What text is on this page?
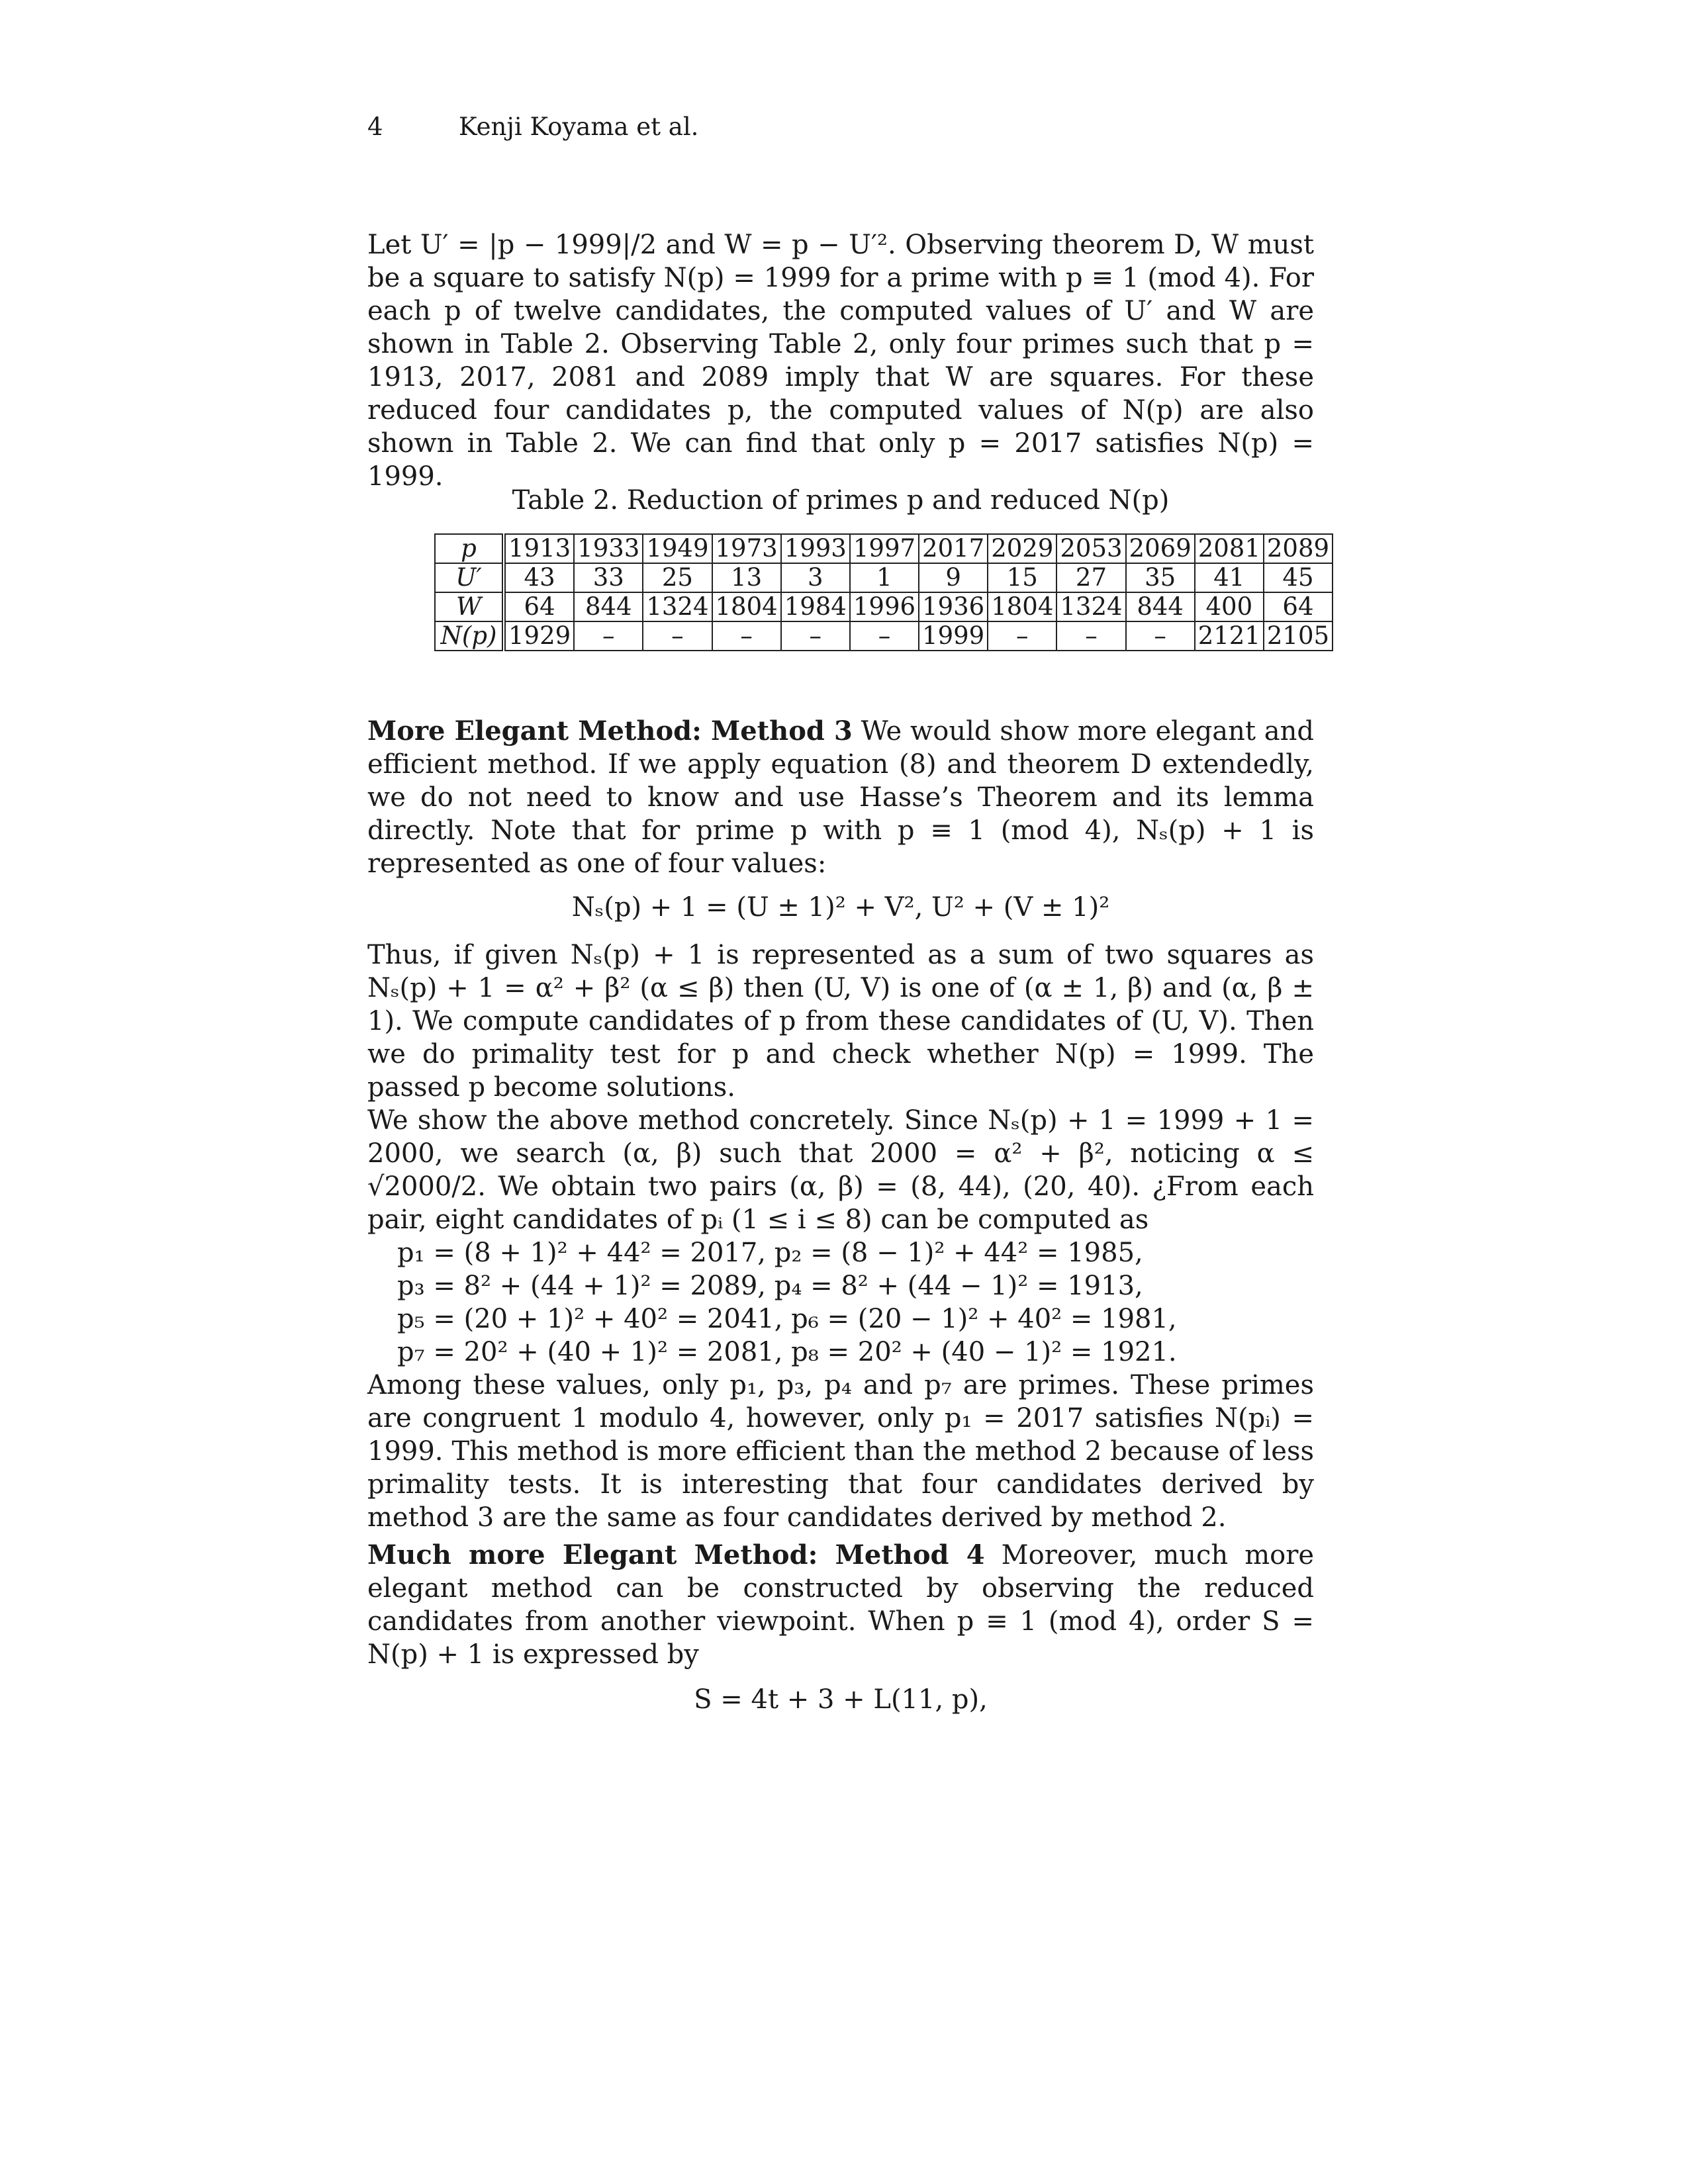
4	Kenji Koyama et al.

Let U′ = |p − 1999|/2 and W = p − U′². Observing theorem D, W must be a square to satisfy N(p) = 1999 for a prime with p ≡ 1 (mod 4). For each p of twelve candidates, the computed values of U′ and W are shown in Table 2. Observing Table 2, only four primes such that p = 1913, 2017, 2081 and 2089 imply that W are squares. For these reduced four candidates p, the computed values of N(p) are also shown in Table 2. We can find that only p = 2017 satisfies N(p) = 1999.

Table 2. Reduction of primes p and reduced N(p)
p	1913	1933	1949	1973	1993	1997	2017	2029	2053	2069	2081	2089
U′	43	33	25	13	3	1	9	15	27	35	41	45
W	64	844	1324	1804	1984	1996	1936	1804	1324	844	400	64
N(p)	1929	–	–	–	–	–	1999	–	–	–	2121	2105

More Elegant Method: Method 3 We would show more elegant and efficient method. If we apply equation (8) and theorem D extendedly, we do not need to know and use Hasse’s Theorem and its lemma directly. Note that for prime p with p ≡ 1 (mod 4), Nₛ(p) + 1 is represented as one of four values:

Nₛ(p) + 1 = (U ± 1)² + V², U² + (V ± 1)²

Thus, if given Nₛ(p) + 1 is represented as a sum of two squares as Nₛ(p) + 1 = α² + β² (α ≤ β) then (U, V) is one of (α ± 1, β) and (α, β ± 1). We compute candidates of p from these candidates of (U, V). Then we do primality test for p and check whether N(p) = 1999. The passed p become solutions.

We show the above method concretely. Since Nₛ(p) + 1 = 1999 + 1 = 2000, we search (α, β) such that 2000 = α² + β², noticing α ≤ √2000/2. We obtain two pairs (α, β) = (8, 44), (20, 40). ¿From each pair, eight candidates of pᵢ (1 ≤ i ≤ 8) can be computed as

p₁ = (8 + 1)² + 44² = 2017, p₂ = (8 − 1)² + 44² = 1985,
p₃ = 8² + (44 + 1)² = 2089, p₄ = 8² + (44 − 1)² = 1913,
p₅ = (20 + 1)² + 40² = 2041, p₆ = (20 − 1)² + 40² = 1981,
p₇ = 20² + (40 + 1)² = 2081, p₈ = 20² + (40 − 1)² = 1921.

Among these values, only p₁, p₃, p₄ and p₇ are primes. These primes are congruent 1 modulo 4, however, only p₁ = 2017 satisfies N(pᵢ) = 1999. This method is more efficient than the method 2 because of less primality tests. It is interesting that four candidates derived by method 3 are the same as four candidates derived by method 2.

Much more Elegant Method: Method 4 Moreover, much more elegant method can be constructed by observing the reduced candidates from another viewpoint. When p ≡ 1 (mod 4), order S = N(p) + 1 is expressed by

S = 4t + 3 + L(11, p),
